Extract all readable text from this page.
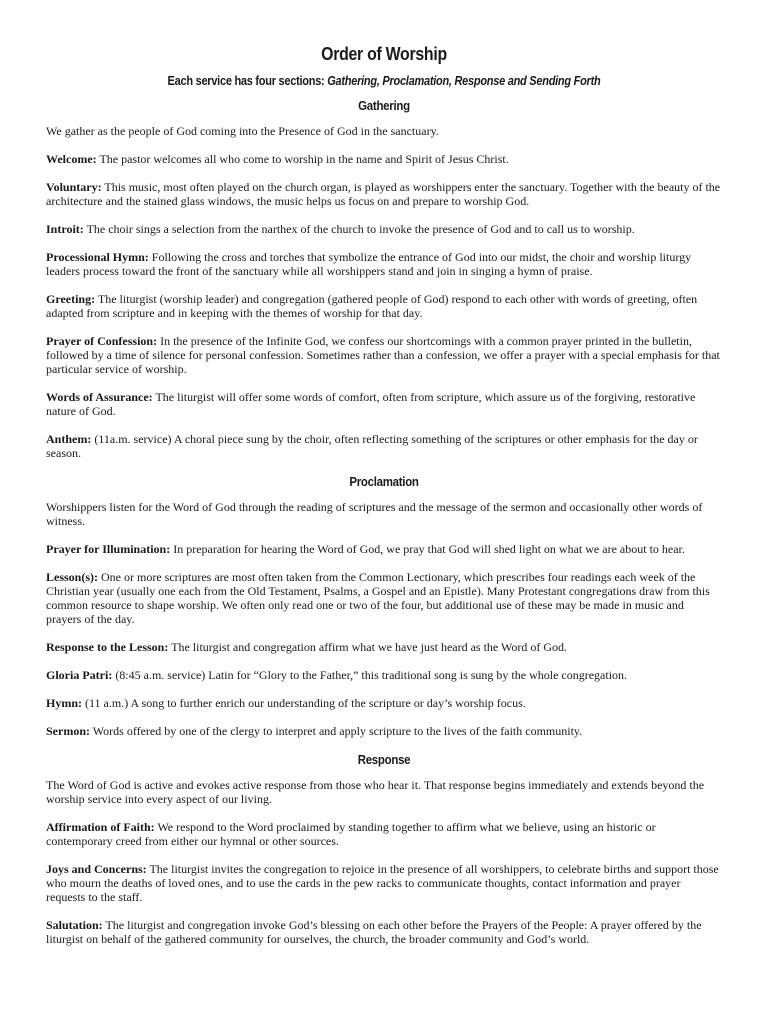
Order of Worship
Each service has four sections: Gathering, Proclamation, Response and Sending Forth
Gathering

We gather as the people of God coming into the Presence of God in the sanctuary.

Welcome: The pastor welcomes all who come to worship in the name and Spirit of Jesus Christ.

Voluntary: This music, most often played on the church organ, is played as worshippers enter the sanctuary. Together with the beauty of the architecture and the stained glass windows, the music helps us focus on and prepare to worship God.

Introit: The choir sings a selection from the narthex of the church to invoke the presence of God and to call us to worship.

Processional Hymn: Following the cross and torches that symbolize the entrance of God into our midst, the choir and worship liturgy leaders process toward the front of the sanctuary while all worshippers stand and join in singing a hymn of praise.

Greeting: The liturgist (worship leader) and congregation (gathered people of God) respond to each other with words of greeting, often adapted from scripture and in keeping with the themes of worship for that day.

Prayer of Confession: In the presence of the Infinite God, we confess our shortcomings with a common prayer printed in the bulletin, followed by a time of silence for personal confession. Sometimes rather than a confession, we offer a prayer with a special emphasis for that particular service of worship.

Words of Assurance: The liturgist will offer some words of comfort, often from scripture, which assure us of the forgiving, restorative nature of God.

Anthem: (11a.m. service) A choral piece sung by the choir, often reflecting something of the scriptures or other emphasis for the day or season.

Proclamation

Worshippers listen for the Word of God through the reading of scriptures and the message of the sermon and occasionally other words of witness.

Prayer for Illumination: In preparation for hearing the Word of God, we pray that God will shed light on what we are about to hear.

Lesson(s): One or more scriptures are most often taken from the Common Lectionary, which prescribes four readings each week of the Christian year (usually one each from the Old Testament, Psalms, a Gospel and an Epistle). Many Protestant congregations draw from this common resource to shape worship. We often only read one or two of the four, but additional use of these may be made in music and prayers of the day.

Response to the Lesson: The liturgist and congregation affirm what we have just heard as the Word of God.

Gloria Patri: (8:45 a.m. service) Latin for “Glory to the Father,” this traditional song is sung by the whole congregation.

Hymn: (11 a.m.) A song to further enrich our understanding of the scripture or day’s worship focus.

Sermon: Words offered by one of the clergy to interpret and apply scripture to the lives of the faith community.

Response

The Word of God is active and evokes active response from those who hear it. That response begins immediately and extends beyond the worship service into every aspect of our living.

Affirmation of Faith: We respond to the Word proclaimed by standing together to affirm what we believe, using an historic or contemporary creed from either our hymnal or other sources.

Joys and Concerns: The liturgist invites the congregation to rejoice in the presence of all worshippers, to celebrate births and support those who mourn the deaths of loved ones, and to use the cards in the pew racks to communicate thoughts, contact information and prayer requests to the staff.

Salutation: The liturgist and congregation invoke God’s blessing on each other before the Prayers of the People: A prayer offered by the liturgist on behalf of the gathered community for ourselves, the church, the broader community and God’s world.
